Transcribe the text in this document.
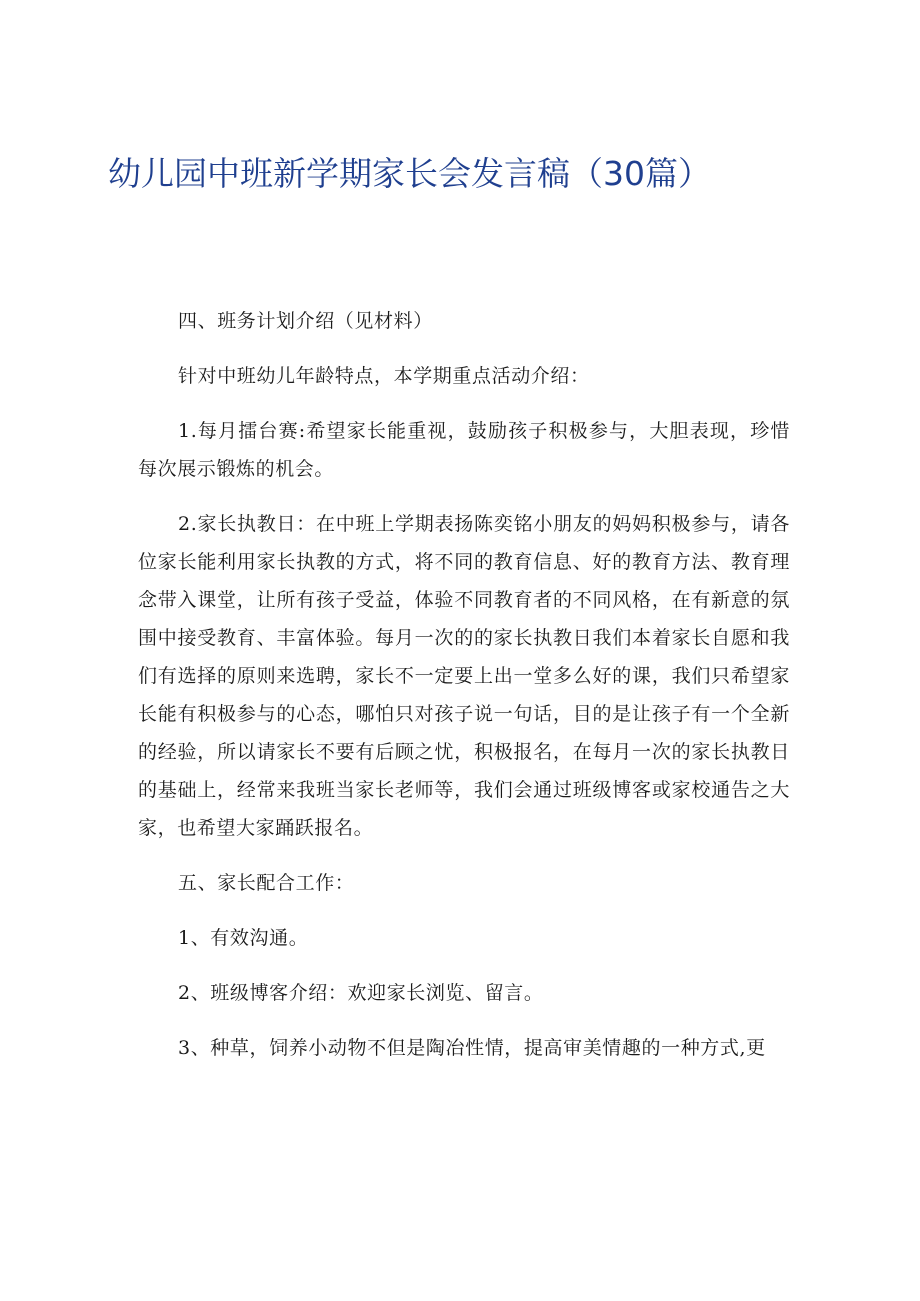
幼儿园中班新学期家长会发言稿（30篇）

四、班务计划介绍（见材料）

针对中班幼儿年龄特点，本学期重点活动介绍：

1.每月擂台赛:希望家长能重视，鼓励孩子积极参与，大胆表现，珍惜每次展示锻炼的机会。

2.家长执教日：在中班上学期表扬陈奕铭小朋友的妈妈积极参与，请各位家长能利用家长执教的方式，将不同的教育信息、好的教育方法、教育理念带入课堂，让所有孩子受益，体验不同教育者的不同风格，在有新意的氛围中接受教育、丰富体验。每月一次的的家长执教日我们本着家长自愿和我们有选择的原则来选聘，家长不一定要上出一堂多么好的课，我们只希望家长能有积极参与的心态，哪怕只对孩子说一句话，目的是让孩子有一个全新的经验，所以请家长不要有后顾之忧，积极报名，在每月一次的家长执教日的基础上，经常来我班当家长老师等，我们会通过班级博客或家校通告之大家，也希望大家踊跃报名。

五、家长配合工作：

1、有效沟通。

2、班级博客介绍：欢迎家长浏览、留言。

3、种草，饲养小动物不但是陶冶性情，提高审美情趣的一种方式,更
